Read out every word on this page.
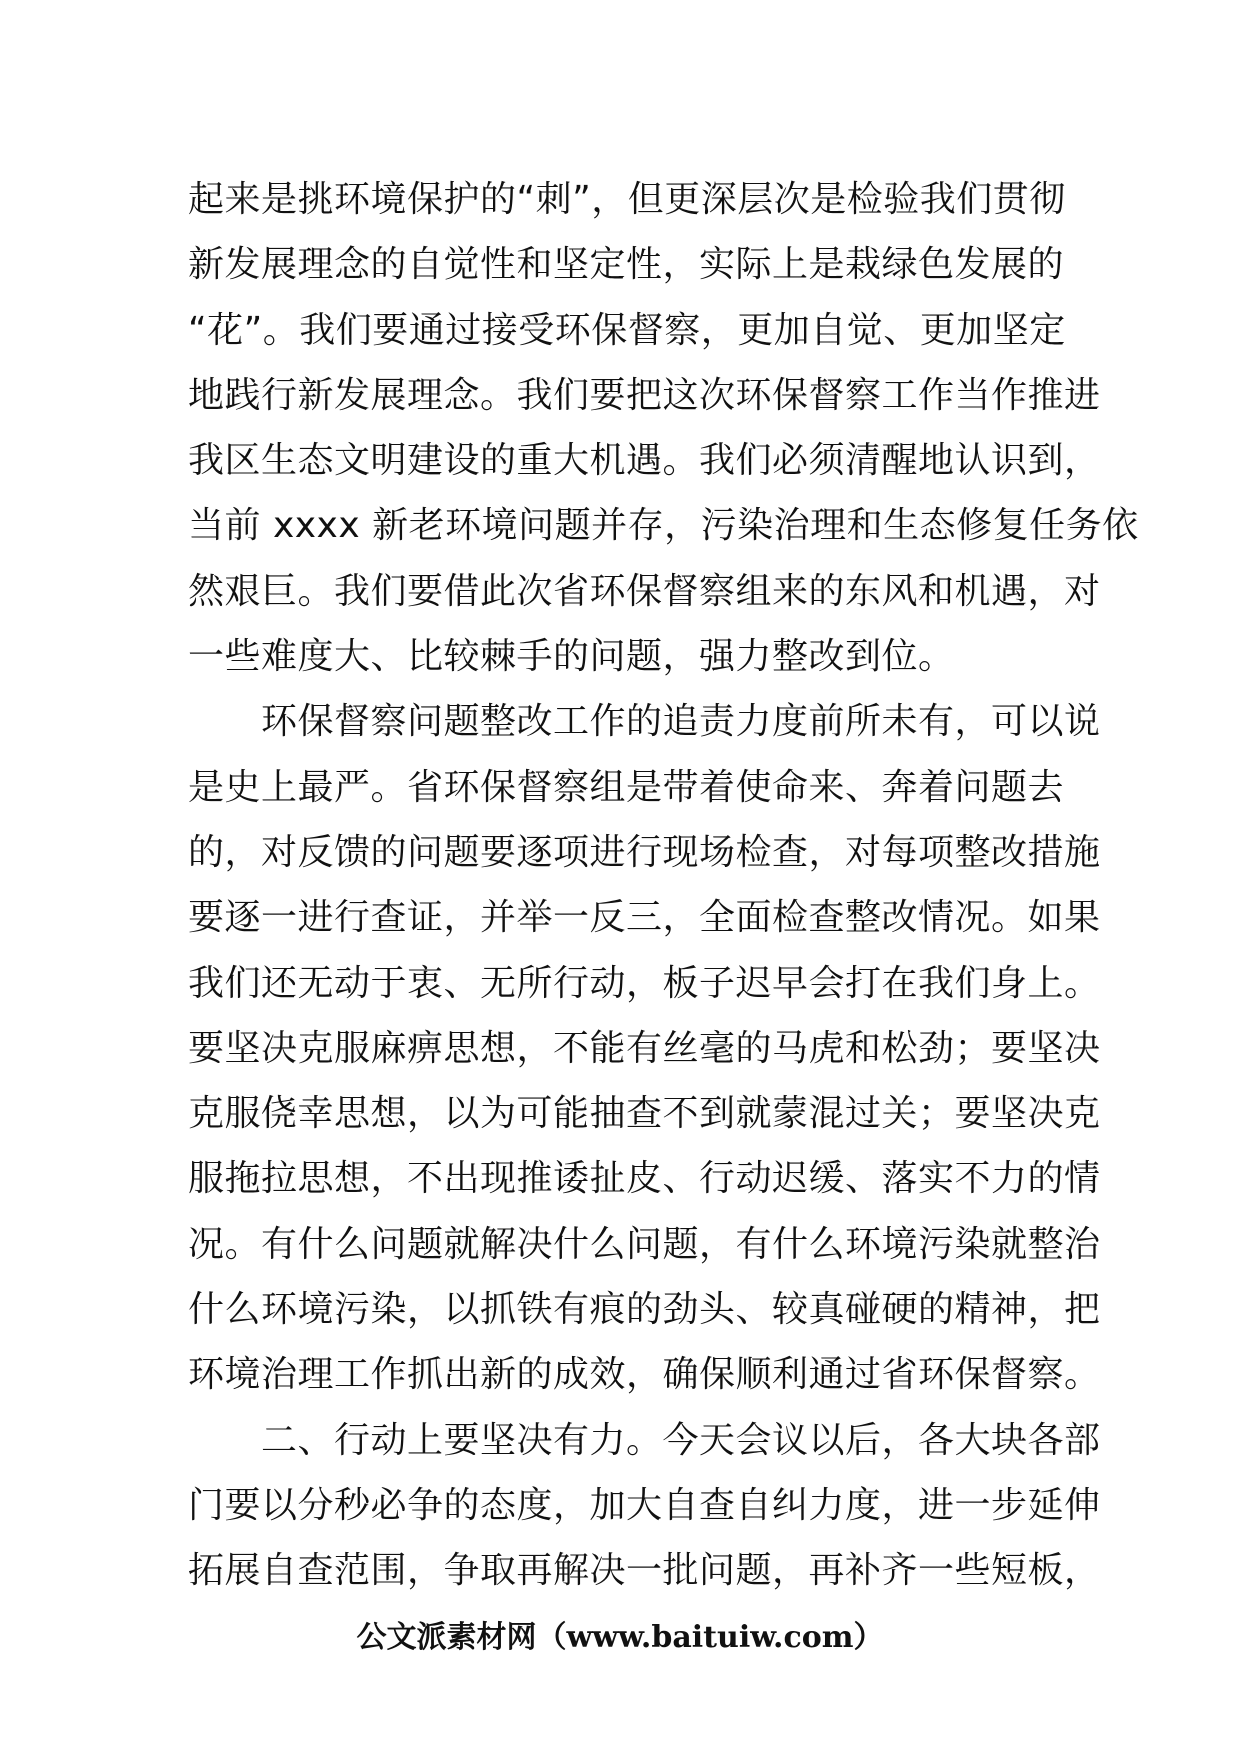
起来是挑环境保护的“刺”，但更深层次是检验我们贯彻
新发展理念的自觉性和坚定性，实际上是栽绿色发展的
“花”。我们要通过接受环保督察，更加自觉、更加坚定
地践行新发展理念。我们要把这次环保督察工作当作推进
我区生态文明建设的重大机遇。我们必须清醒地认识到，
当前 xxxx 新老环境问题并存，污染治理和生态修复任务依
然艰巨。我们要借此次省环保督察组来的东风和机遇，对
一些难度大、比较棘手的问题，强力整改到位。
　　环保督察问题整改工作的追责力度前所未有，可以说
是史上最严。省环保督察组是带着使命来、奔着问题去
的，对反馈的问题要逐项进行现场检查，对每项整改措施
要逐一进行查证，并举一反三，全面检查整改情况。如果
我们还无动于衷、无所行动，板子迟早会打在我们身上。
要坚决克服麻痹思想，不能有丝毫的马虎和松劲；要坚决
克服侥幸思想，以为可能抽查不到就蒙混过关；要坚决克
服拖拉思想，不出现推诿扯皮、行动迟缓、落实不力的情
况。有什么问题就解决什么问题，有什么环境污染就整治
什么环境污染，以抓铁有痕的劲头、较真碰硬的精神，把
环境治理工作抓出新的成效，确保顺利通过省环保督察。
　　二、行动上要坚决有力。今天会议以后，各大块各部
门要以分秒必争的态度，加大自查自纠力度，进一步延伸
拓展自查范围，争取再解决一批问题，再补齐一些短板，
公文派素材网（www.baituiw.com）
